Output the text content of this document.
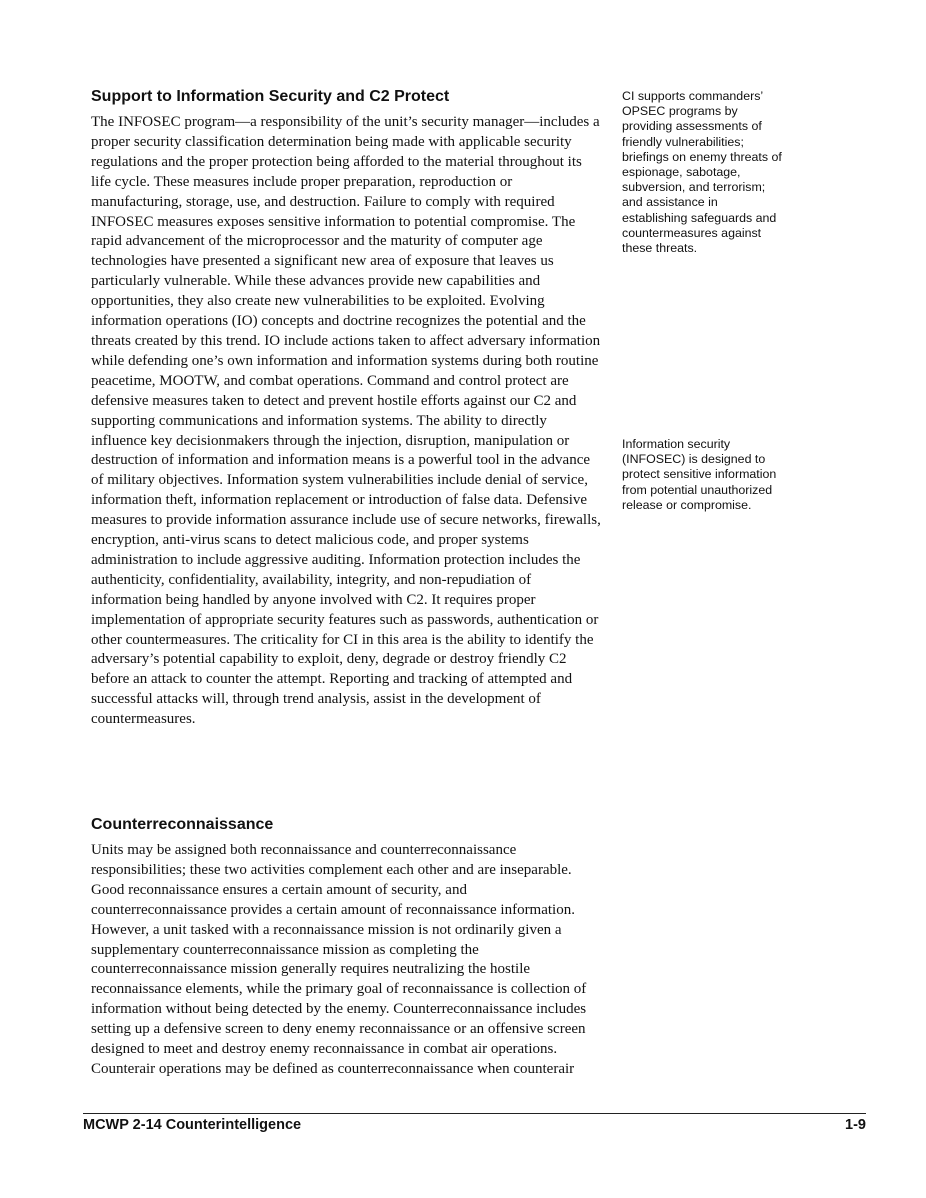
Support to Information Security and C2 Protect

The INFOSEC program—a responsibility of the unit’s security manager—includes a proper security classification determination being made with applicable security regulations and the proper protection being afforded to the material throughout its life cycle. These measures include proper preparation, reproduction or manufacturing, storage, use, and destruction. Failure to comply with required INFOSEC measures exposes sensitive information to potential compromise. The rapid advancement of the microprocessor and the maturity of computer age technologies have presented a significant new area of exposure that leaves us particularly vulnerable. While these advances provide new capabilities and opportunities, they also create new vulnerabilities to be exploited. Evolving information operations (IO) concepts and doctrine recognizes the potential and the threats created by this trend. IO include actions taken to affect adversary information while defending one’s own information and information systems during both routine peacetime, MOOTW, and combat operations. Command and control protect are defensive measures taken to detect and prevent hostile efforts against our C2 and supporting communications and information systems. The ability to directly influence key decisionmakers through the injection, disruption, manipulation or destruction of information and information means is a powerful tool in the advance of military objectives. Information system vulnerabilities include denial of service, information theft, information replacement or introduction of false data. Defensive measures to provide information assurance include use of secure networks, firewalls, encryption, anti-virus scans to detect malicious code, and proper systems administration to include aggressive auditing. Information protection includes the authenticity, confidentiality, availability, integrity, and non-repudiation of information being handled by anyone involved with C2. It requires proper implementation of appropriate security features such as passwords, authentication or other countermeasures. The criticality for CI in this area is the ability to identify the adversary’s potential capability to exploit, deny, degrade or destroy friendly C2 before an attack to counter the attempt. Reporting and tracking of attempted and successful attacks will, through trend analysis, assist in the development of countermeasures.

CI supports commanders’ OPSEC programs by providing assessments of friendly vulnerabilities; briefings on enemy threats of espionage, sabotage, subversion, and terrorism; and assistance in establishing safeguards and countermeasures against these threats.

Information security (INFOSEC) is designed to protect sensitive information from potential unauthorized release or compromise.

Counterreconnaissance

Units may be assigned both reconnaissance and counterreconnaissance responsibilities; these two activities complement each other and are inseparable. Good reconnaissance ensures a certain amount of security, and counterreconnaissance provides a certain amount of reconnaissance information. However, a unit tasked with a reconnaissance mission is not ordinarily given a supplementary counterreconnaissance mission as completing the counterreconnaissance mission generally requires neutralizing the hostile reconnaissance elements, while the primary goal of reconnaissance is collection of information without being detected by the enemy. Counterreconnaissance includes setting up a defensive screen to deny enemy reconnaissance or an offensive screen designed to meet and destroy enemy reconnaissance in combat air operations. Counterair operations may be defined as counterreconnaissance when counterair

MCWP 2-14 Counterintelligence	1-9
